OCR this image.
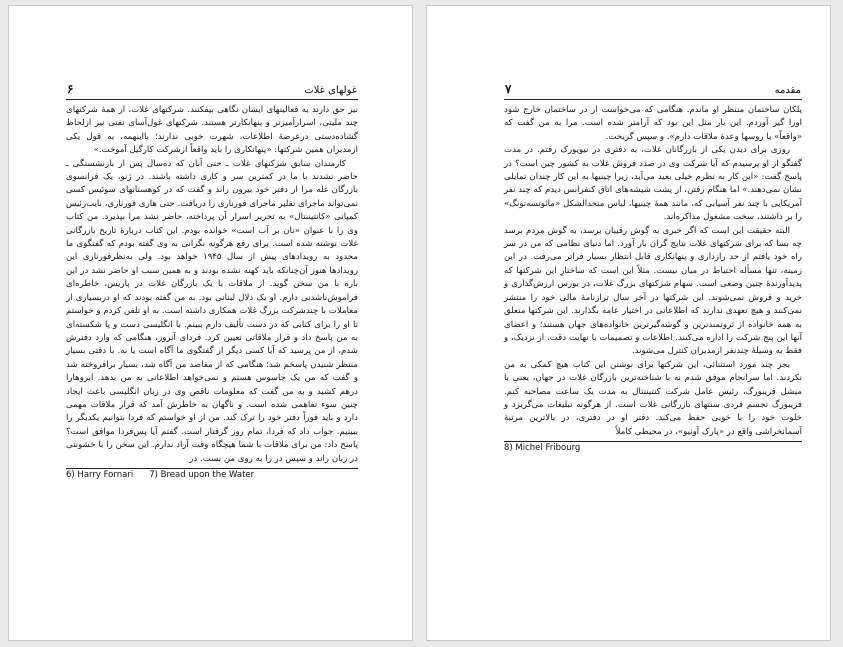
غولهای غلات
۶

نیز حق دارند به فعالیتهای ایشان نگاهی بیفکنند. شرکتهای غلات، از همهٔ شرکتهای چند ملیتی، اسرارآمیزتر و پنهانکارتر هستند. شرکتهای غول‌آسای نفتی نیز ازلحاظ گشاده‌دستی درعرضهٔ اطلاعات، شهرت خوبی ندارند؛ بااینهمه، به قول یکی ازمدیران همین شرکتها: «پنهانکاری را باید واقعاً ازشرکت کارگیل آموخت.»

کارمندان سابق شرکتهای غلات ـ حتی آنان که ده‌سال پس از بازنشستگی ـ حاضر نشدند با ما در کمترین سر و کاری داشته باشند. در ژنو، یک فرانسوی بازرگان غله مرا از دفتر خود بیرون راند و گفت که در کوهستانهای سوئیس کسی نمی‌تواند ماجرای تقلیر ماجرای فورناری را دریافت. حتی هاری فورناری، نایب‌رئیس کمپانی «کانتیننتال» به تحریر اسرار آن پرداخته، حاضر نشد مرا بپذیرد. من کتاب وی را با عنوان «نان بر آب است» خوانده بودم. این کتاب دربارهٔ تاریخ بازرگانی غلات نوشته شده است. برای رفع هرگونه نگرانی به وی گفته بودم که گفتگوی ما محدود به رویدادهای پیش از سال ۱۹۴۵ خواهد بود. ولی به‌نظرفورناری این رویدادها هنوز آن‌چنانکه باید کهنه نشده بودند و به همین سبب او حاضر نشد در این باره با من سخن گوید. از ملاقات با یک بازرگان غلات در پاریس، خاطره‌ای فراموش‌ناشدنی دارم. او یک دلال لبنانی بود. به من گفته بودند که او دربسیاری از معاملات با چندشرکت بزرگ غلات همکاری داشته است. به او تلفن کردم و خواستم تا او را برای کتابی که در دست تألیف دارم ببینم. با انگلیسی دست و پا شکسته‌ای به من پاسخ داد و قرار ملاقاتی تعیین کرد. فردای آنروز، هنگامی که وارد دفترش شدم، از من پرسید که آیا کسی دیگر از گفتگوی ما آگاه است یا نه. با دقتی بسیار منتظر شنیدن پاسخم شد؛ هنگامی که از مقاصد من آگاه شد، بسیار برافروخته شد و گفت که من یک جاسوس هستم و نمی‌خواهد اطلاعاتی به من بدهد. ابروهارا درهم کشید و به من گفت که معلومات ناقص وی در زبان انگلیسی باعث ایجاد چنین سوء تفاهمی شده است. و ناگهان به خاطرش آمد که قرار ملاقات مهمی دارد و باید فوراً دفتر خود را ترک کند. من از او خواستم که فردا بتوانیم یکدیگر را ببینیم. جواب داد که فردا، تمام روز گرفتار است. گفتم آیا پس‌فردا موافق است؟ پاسخ داد: من برای ملاقات با شما هیچگاه وقت آزاد ندارم. این سخن را با خشونتی در زبان راند و سپس در را به روی من بست. در

6) Harry Fornari 7) Bread upon the Water
مقدمه
۷

پلکان ساختمان منتظر او ماندم. هنگامی که می‌خواست از در ساختمان خارج شود اورا گیر آوردم. این بار مثل این بود که آرامتر شده است. مرا به من گفت که «واقعاً» با روسها وعدهٔ ملاقات دارم». و سپس گریخت.

روزی برای دیدن یکی از بازرگانان غلات، به دفتری در نیویورک رفتم. در مدت گفتگو از او پرسیدم که آیا شرکت وی در صدد فروش غلات به کشور چین است؟ در پاسخ گفت: «این کار به نظرم خیلی بعید می‌آید، زیرا چینیها به این کار چندان تمایلی نشان نمی‌دهند.» اما هنگام رفتن، از پشت شیشه‌های اتاق کنفرانس دیدم که چند نفر آمریکایی با چند نفر آسیایی که، مانند همهٔ چینیها، لباس متحدالشکل «مائوتسه‌تونگ» را بر داشتند، سخت مشغول مذاکره‌اند.

البته حقیقت این است که اگر خبری به گوش رقیبان برسد، به گوش مردم برسد چه بسا که برای شرکتهای غلات نتایج گران بار آورد. اما دنیای نظامی که من در سر راه خود یافتم از حد رازداری و پنهانکاری قابل انتظار بسیار فراتر می‌رفت. در این زمینه، تنها مسأله احتیاط در میان نیست. مثلاً این است که ساختارِ این شرکتها که پدیدآورندهٔ چنین وضعی است. سهام شرکتهای بزرگ غلات، در بورس ارزش‌گذاری و خرید و فروش نمی‌شوند. این شرکتها در آخر سال ترازنامهٔ مالی خود را منتشر نمی‌کنند و هیچ تعهدی ندارند که اطلاعاتی در اختیار عامه بگذارند. این شرکتها متعلق به همه خانواده از ثروتمندترین و گوشه‌گیرترین خانواده‌های جهان هستند؛ و اعضای آنها این پنج شرکت را اداره می‌کنند. اطلاعات و تصمیمات با نهایت دقت، از نزدیک، و فقط به وسیلهٔ چندنفر ازمدیران کنترل می‌شوند.

بجز چند مورد استثنائی، این شرکتها برای نوشتن این کتاب هیچ کمکی به من نکردند. اما سرانجام موفق شدم نه با شناخته‌ترین بازرگان غلات در جهان، یعنی با میشل فریبورگ، رئیس عامل شرکت کنتیننتال به مدت یک ساعت مصاحبه کنم. فریبورگ تجسم فردی سنتهای بازرگانی غلات است. از هرگونه تبلیغات می‌گریزد و خلوت خود را با خوبی حفظ می‌کند. دفتر او در دفتری، در بالاترین مرتبهٔ آسمانخراشی واقع در «پارک آونیو»، در محیطی کاملاً

8) Michel Fribourg
